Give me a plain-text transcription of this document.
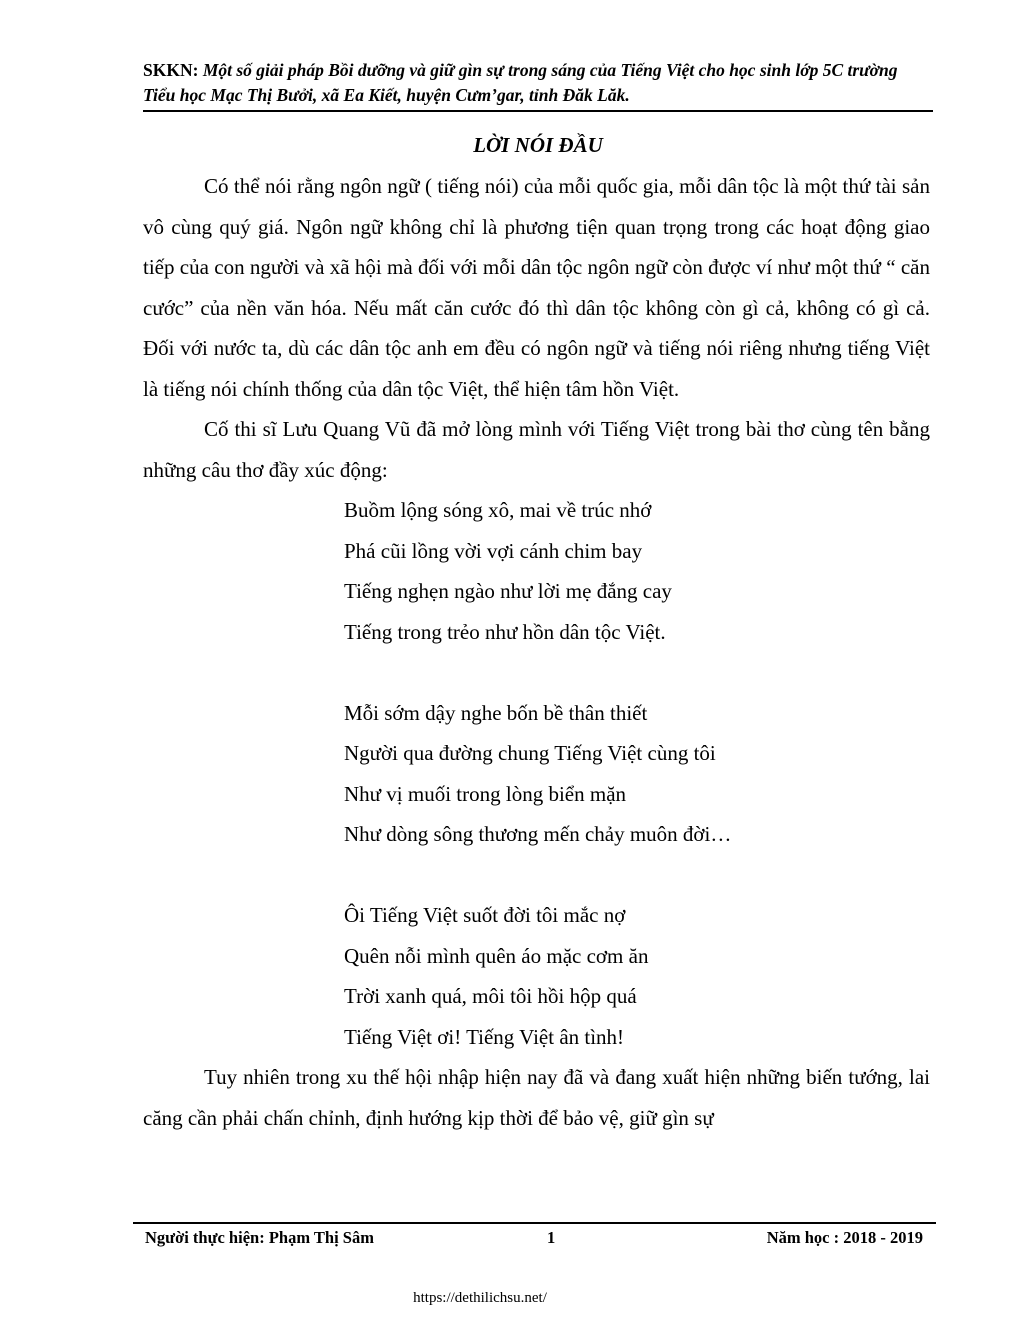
SKKN: Một số giải pháp Bồi dưỡng và giữ gìn sự trong sáng của Tiếng Việt cho học sinh lớp 5C trường Tiểu học Mạc Thị Bưởi, xã Ea Kiết, huyện Cưm’gar, tỉnh Đăk Lăk.
LỜI NÓI ĐẦU

Có thể nói rằng ngôn ngữ ( tiếng nói) của mỗi quốc gia, mỗi dân tộc là một thứ tài sản vô cùng quý giá. Ngôn ngữ không chỉ là phương tiện quan trọng trong các hoạt động giao tiếp của con người và xã hội mà đối với mỗi dân tộc ngôn ngữ còn được ví như một thứ “ căn cước” của nền văn hóa. Nếu mất căn cước đó thì dân tộc không còn gì cả, không có gì cả. Đối với nước ta, dù các dân tộc anh em đều có ngôn ngữ và tiếng nói riêng nhưng tiếng Việt là tiếng nói chính thống của dân tộc Việt, thể hiện tâm hồn Việt.

Cố thi sĩ Lưu Quang Vũ đã mở lòng mình với Tiếng Việt trong bài thơ cùng tên bằng những câu thơ đầy xúc động:

Buồm lộng sóng xô, mai về trúc nhớ
Phá cũi lồng vời vợi cánh chim bay
Tiếng nghẹn ngào như lời mẹ đắng cay
Tiếng trong trẻo như hồn dân tộc Việt.
Mỗi sớm dậy nghe bốn bề thân thiết
Người qua đường chung Tiếng Việt cùng tôi
Như vị muối trong lòng biển mặn
Như dòng sông thương mến chảy muôn đời…
Ôi Tiếng Việt suốt đời tôi mắc nợ
Quên nỗi mình quên áo mặc cơm ăn
Trời xanh quá, môi tôi hồi hộp quá
Tiếng Việt ơi! Tiếng Việt ân tình!

Tuy nhiên trong xu thế hội nhập hiện nay đã và đang xuất hiện những biến tướng, lai căng cần phải chấn chỉnh, định hướng kịp thời để bảo vệ, giữ gìn sự

Người thực hiện: Phạm Thị Sâm	1	Năm học : 2018 - 2019
https://dethilichsu.net/
